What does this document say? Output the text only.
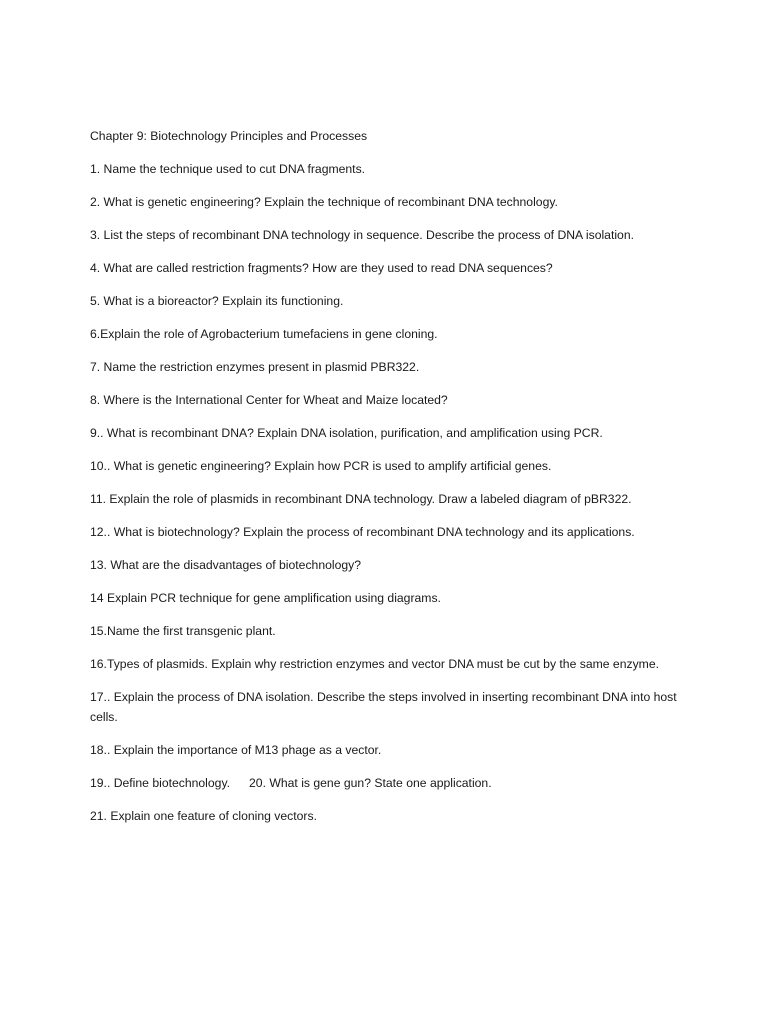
Chapter 9: Biotechnology Principles and Processes

1. Name the technique used to cut DNA fragments.

2. What is genetic engineering? Explain the technique of recombinant DNA technology.

3. List the steps of recombinant DNA technology in sequence. Describe the process of DNA isolation.

4. What are called restriction fragments? How are they used to read DNA sequences?

5. What is a bioreactor? Explain its functioning.

6.Explain the role of Agrobacterium tumefaciens in gene cloning.

7. Name the restriction enzymes present in plasmid PBR322.

8. Where is the International Center for Wheat and Maize located?

9.. What is recombinant DNA? Explain DNA isolation, purification, and amplification using PCR.

10.. What is genetic engineering? Explain how PCR is used to amplify artificial genes.

11. Explain the role of plasmids in recombinant DNA technology. Draw a labeled diagram of pBR322.

12.. What is biotechnology? Explain the process of recombinant DNA technology and its applications.

13. What are the disadvantages of biotechnology?

14 Explain PCR technique for gene amplification using diagrams.

15.Name the first transgenic plant.

16.Types of plasmids. Explain why restriction enzymes and vector DNA must be cut by the same enzyme.

17.. Explain the process of DNA isolation. Describe the steps involved in inserting recombinant DNA into host cells.

18.. Explain the importance of M13 phage as a vector.

19.. Define biotechnology. 20. What is gene gun? State one application.

21. Explain one feature of cloning vectors.
